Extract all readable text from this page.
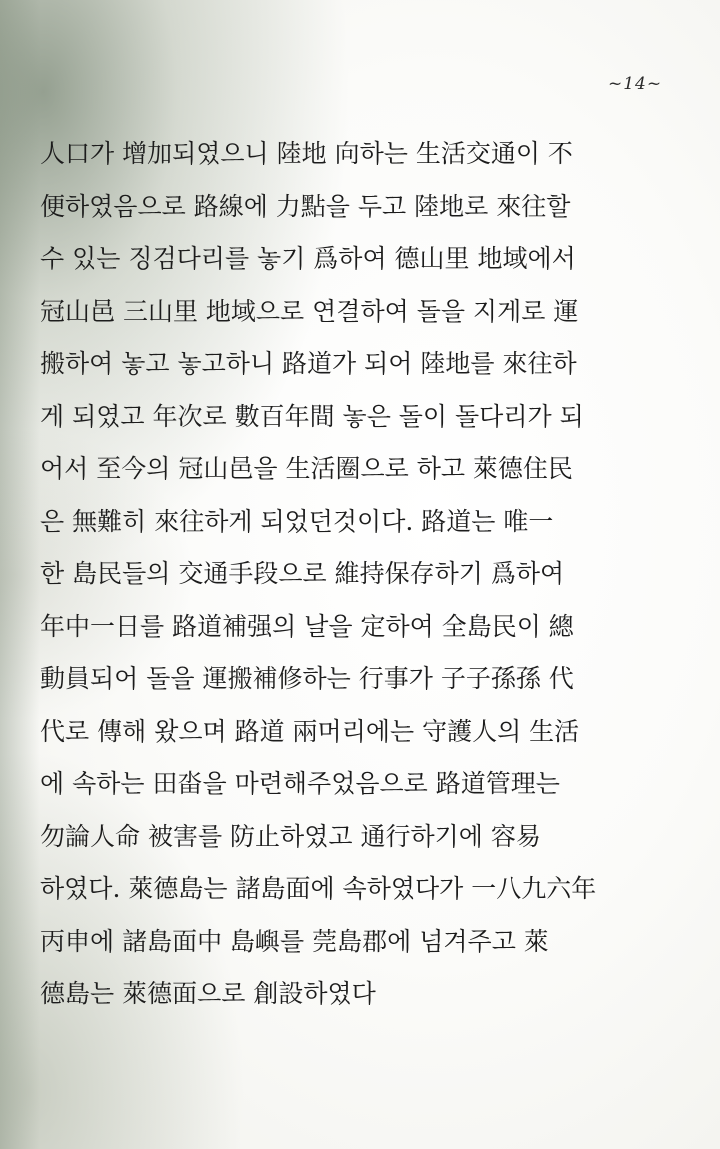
~14~
人口가 增加되였으니 陸地 向하는 生活交通이 不
便하였음으로 路線에 力點을 두고 陸地로 來往할
수 있는 징검다리를 놓기 爲하여 德山里 地域에서
冠山邑 三山里 地域으로 연결하여 돌을 지게로 運
搬하여 놓고 놓고하니 路道가 되어 陸地를 來往하
게 되였고 年次로 數百年間 놓은 돌이 돌다리가 되
어서 至今의 冠山邑을 生活圈으로 하고 萊德住民
은 無難히 來往하게 되었던것이다. 路道는 唯一
한 島民들의 交通手段으로 維持保存하기 爲하여
年中一日를 路道補强의 날을 定하여 全島民이 總
動員되어 돌을 運搬補修하는 行事가 子子孫孫 代
代로 傳해 왔으며 路道 兩머리에는 守護人의 生活
에 속하는 田畓을 마련해주었음으로 路道管理는
勿論人命 被害를 防止하였고 通行하기에 容易
하였다. 萊德島는 諸島面에 속하였다가 一八九六年
丙申에 諸島面中 島嶼를 莞島郡에 넘겨주고 萊
德島는 萊德面으로 創設하였다
